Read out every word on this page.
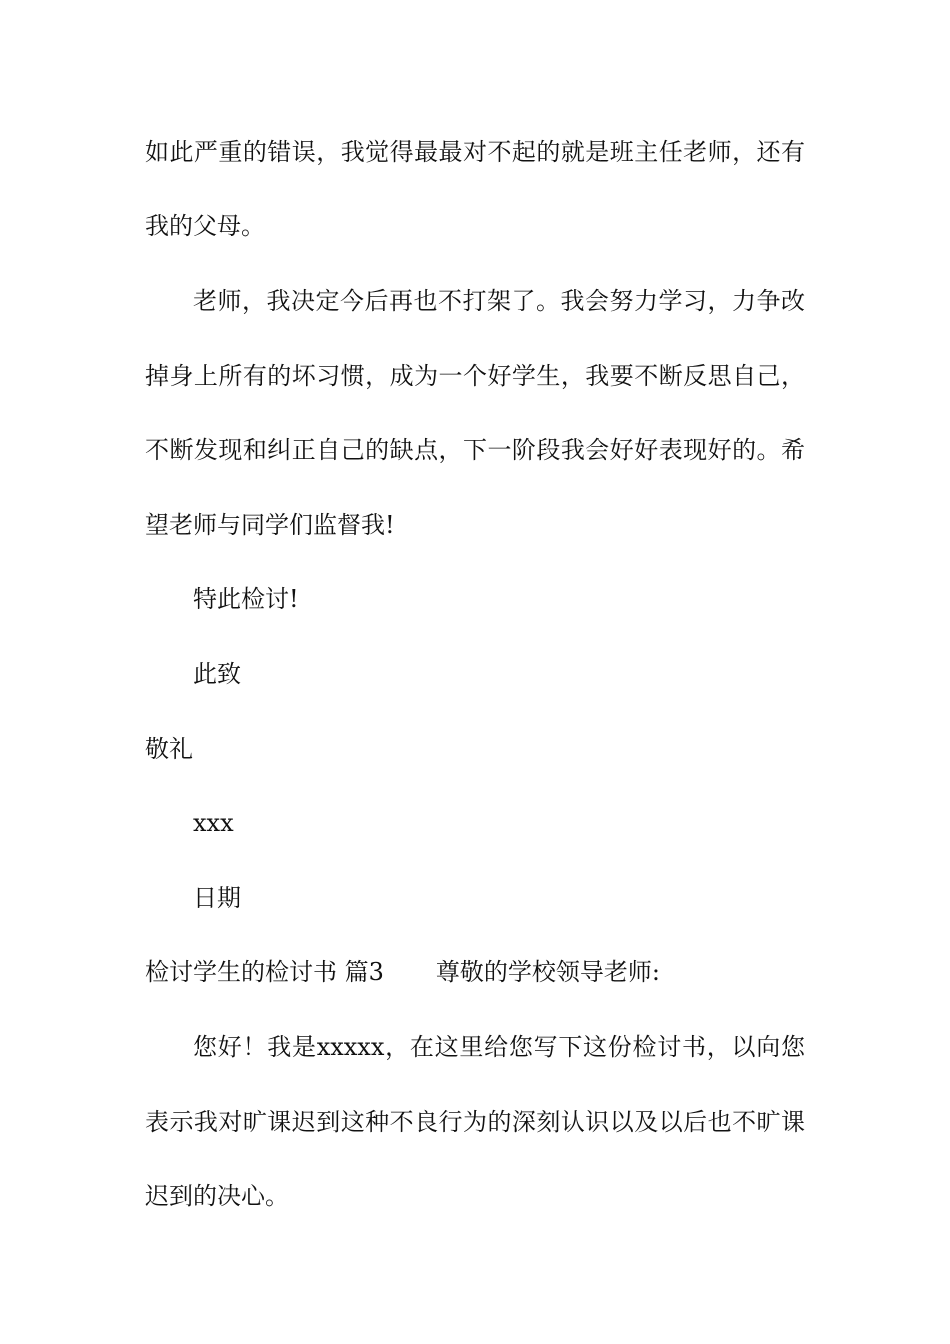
如此严重的错误，我觉得最最对不起的就是班主任老师，还有
我的父母。
老师，我决定今后再也不打架了。我会努力学习，力争改
掉身上所有的坏习惯，成为一个好学生，我要不断反思自己，
不断发现和纠正自己的缺点，下一阶段我会好好表现好的。希
望老师与同学们监督我!
特此检讨!
此致
敬礼
xxx
日期
检讨学生的检讨书 篇3 尊敬的学校领导老师:
您好！我是xxxxx，在这里给您写下这份检讨书，以向您
表示我对旷课迟到这种不良行为的深刻认识以及以后也不旷课
迟到的决心。
